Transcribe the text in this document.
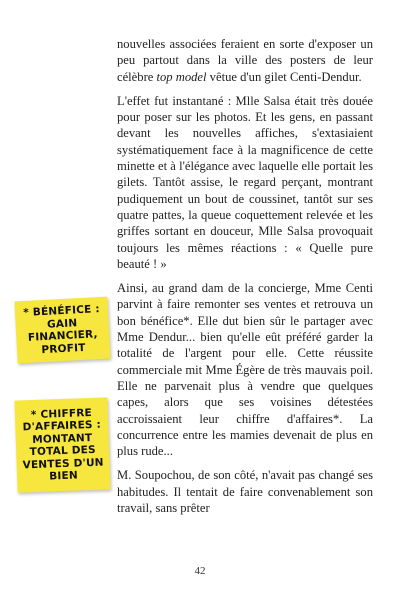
nouvelles associées feraient en sorte d'exposer un peu partout dans la ville des posters de leur célèbre top model vêtue d'un gilet Centi-Dendur.

L'effet fut instantané : Mlle Salsa était très douée pour poser sur les photos. Et les gens, en passant devant les nouvelles affiches, s'extasiaient systématiquement face à la magnificence de cette minette et à l'élégance avec laquelle elle portait les gilets. Tantôt assise, le regard perçant, montrant pudiquement un bout de coussinet, tantôt sur ses quatre pattes, la queue coquettement relevée et les griffes sortant en douceur, Mlle Salsa provoquait toujours les mêmes réactions : « Quelle pure beauté ! »

Ainsi, au grand dam de la concierge, Mme Centi parvint à faire remonter ses ventes et retrouva un bon bénéfice*. Elle dut bien sûr le partager avec Mme Dendur... bien qu'elle eût préféré garder la totalité de l'argent pour elle. Cette réussite commerciale mit Mme Égère de très mauvais poil. Elle ne parvenait plus à vendre que quelques capes, alors que ses voisines détestées accroissaient leur chiffre d'affaires*. La concurrence entre les mamies devenait de plus en plus rude...

M. Soupochou, de son côté, n'avait pas changé ses habitudes. Il tentait de faire convenablement son travail, sans prêter

* BÉNÉFICE :
GAIN
FINANCIER,
PROFIT
* CHIFFRE
D'AFFAIRES :
MONTANT
TOTAL DES
VENTES D'UN
BIEN
42
